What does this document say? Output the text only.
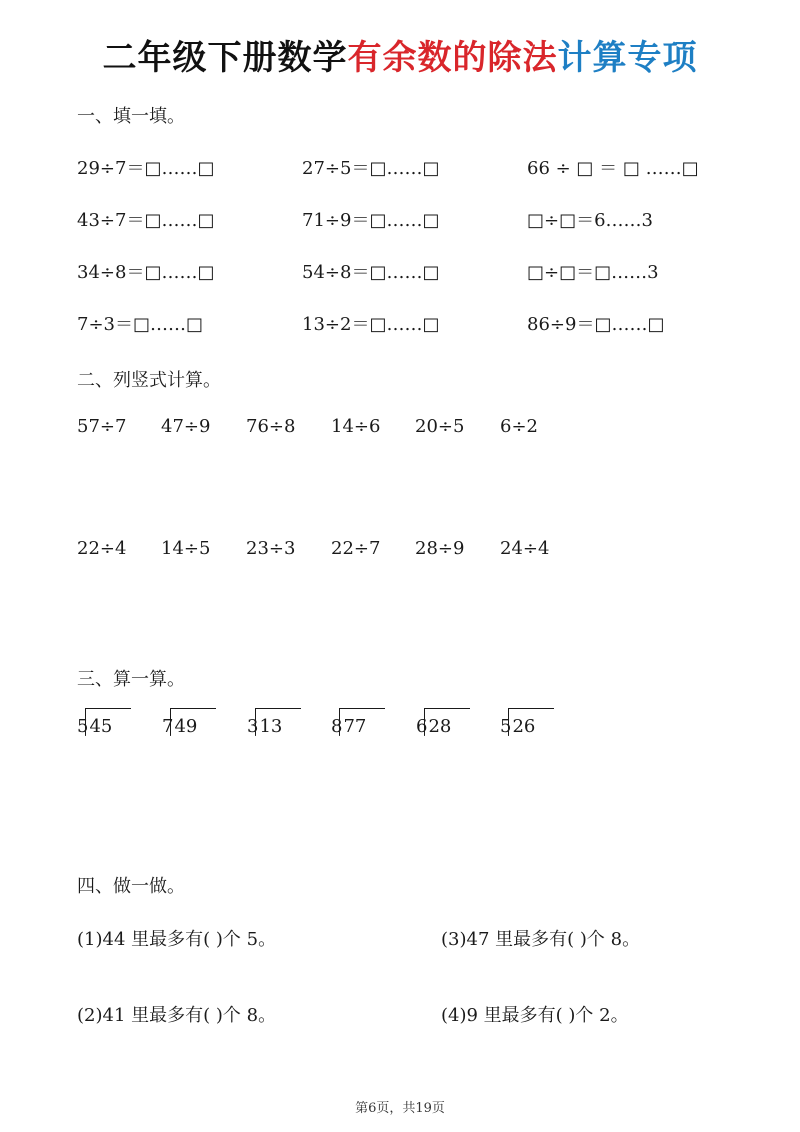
二年级下册数学有余数的除法计算专项
一、填一填。
29÷7＝□……□	27÷5＝□……□	66 ÷ □ ＝ □ ……□
43÷7＝□……□	71÷9＝□……□	□÷□＝6……3
34÷8＝□……□	54÷8＝□……□	□÷□＝□……3
7÷3＝□……□	13÷2＝□……□	86÷9＝□……□
二、列竖式计算。
57÷7 47÷9 76÷8 14÷6 20÷5 6÷2
22÷4 14÷5 23÷3 22÷7 28÷9 24÷4
三、算一算。
545	749	313	877	628	526
四、做一做。
(1)44 里最多有( )个 5。	(3)47 里最多有( )个 8。
(2)41 里最多有( )个 8。	(4)9 里最多有( )个 2。
第6页，共19页
